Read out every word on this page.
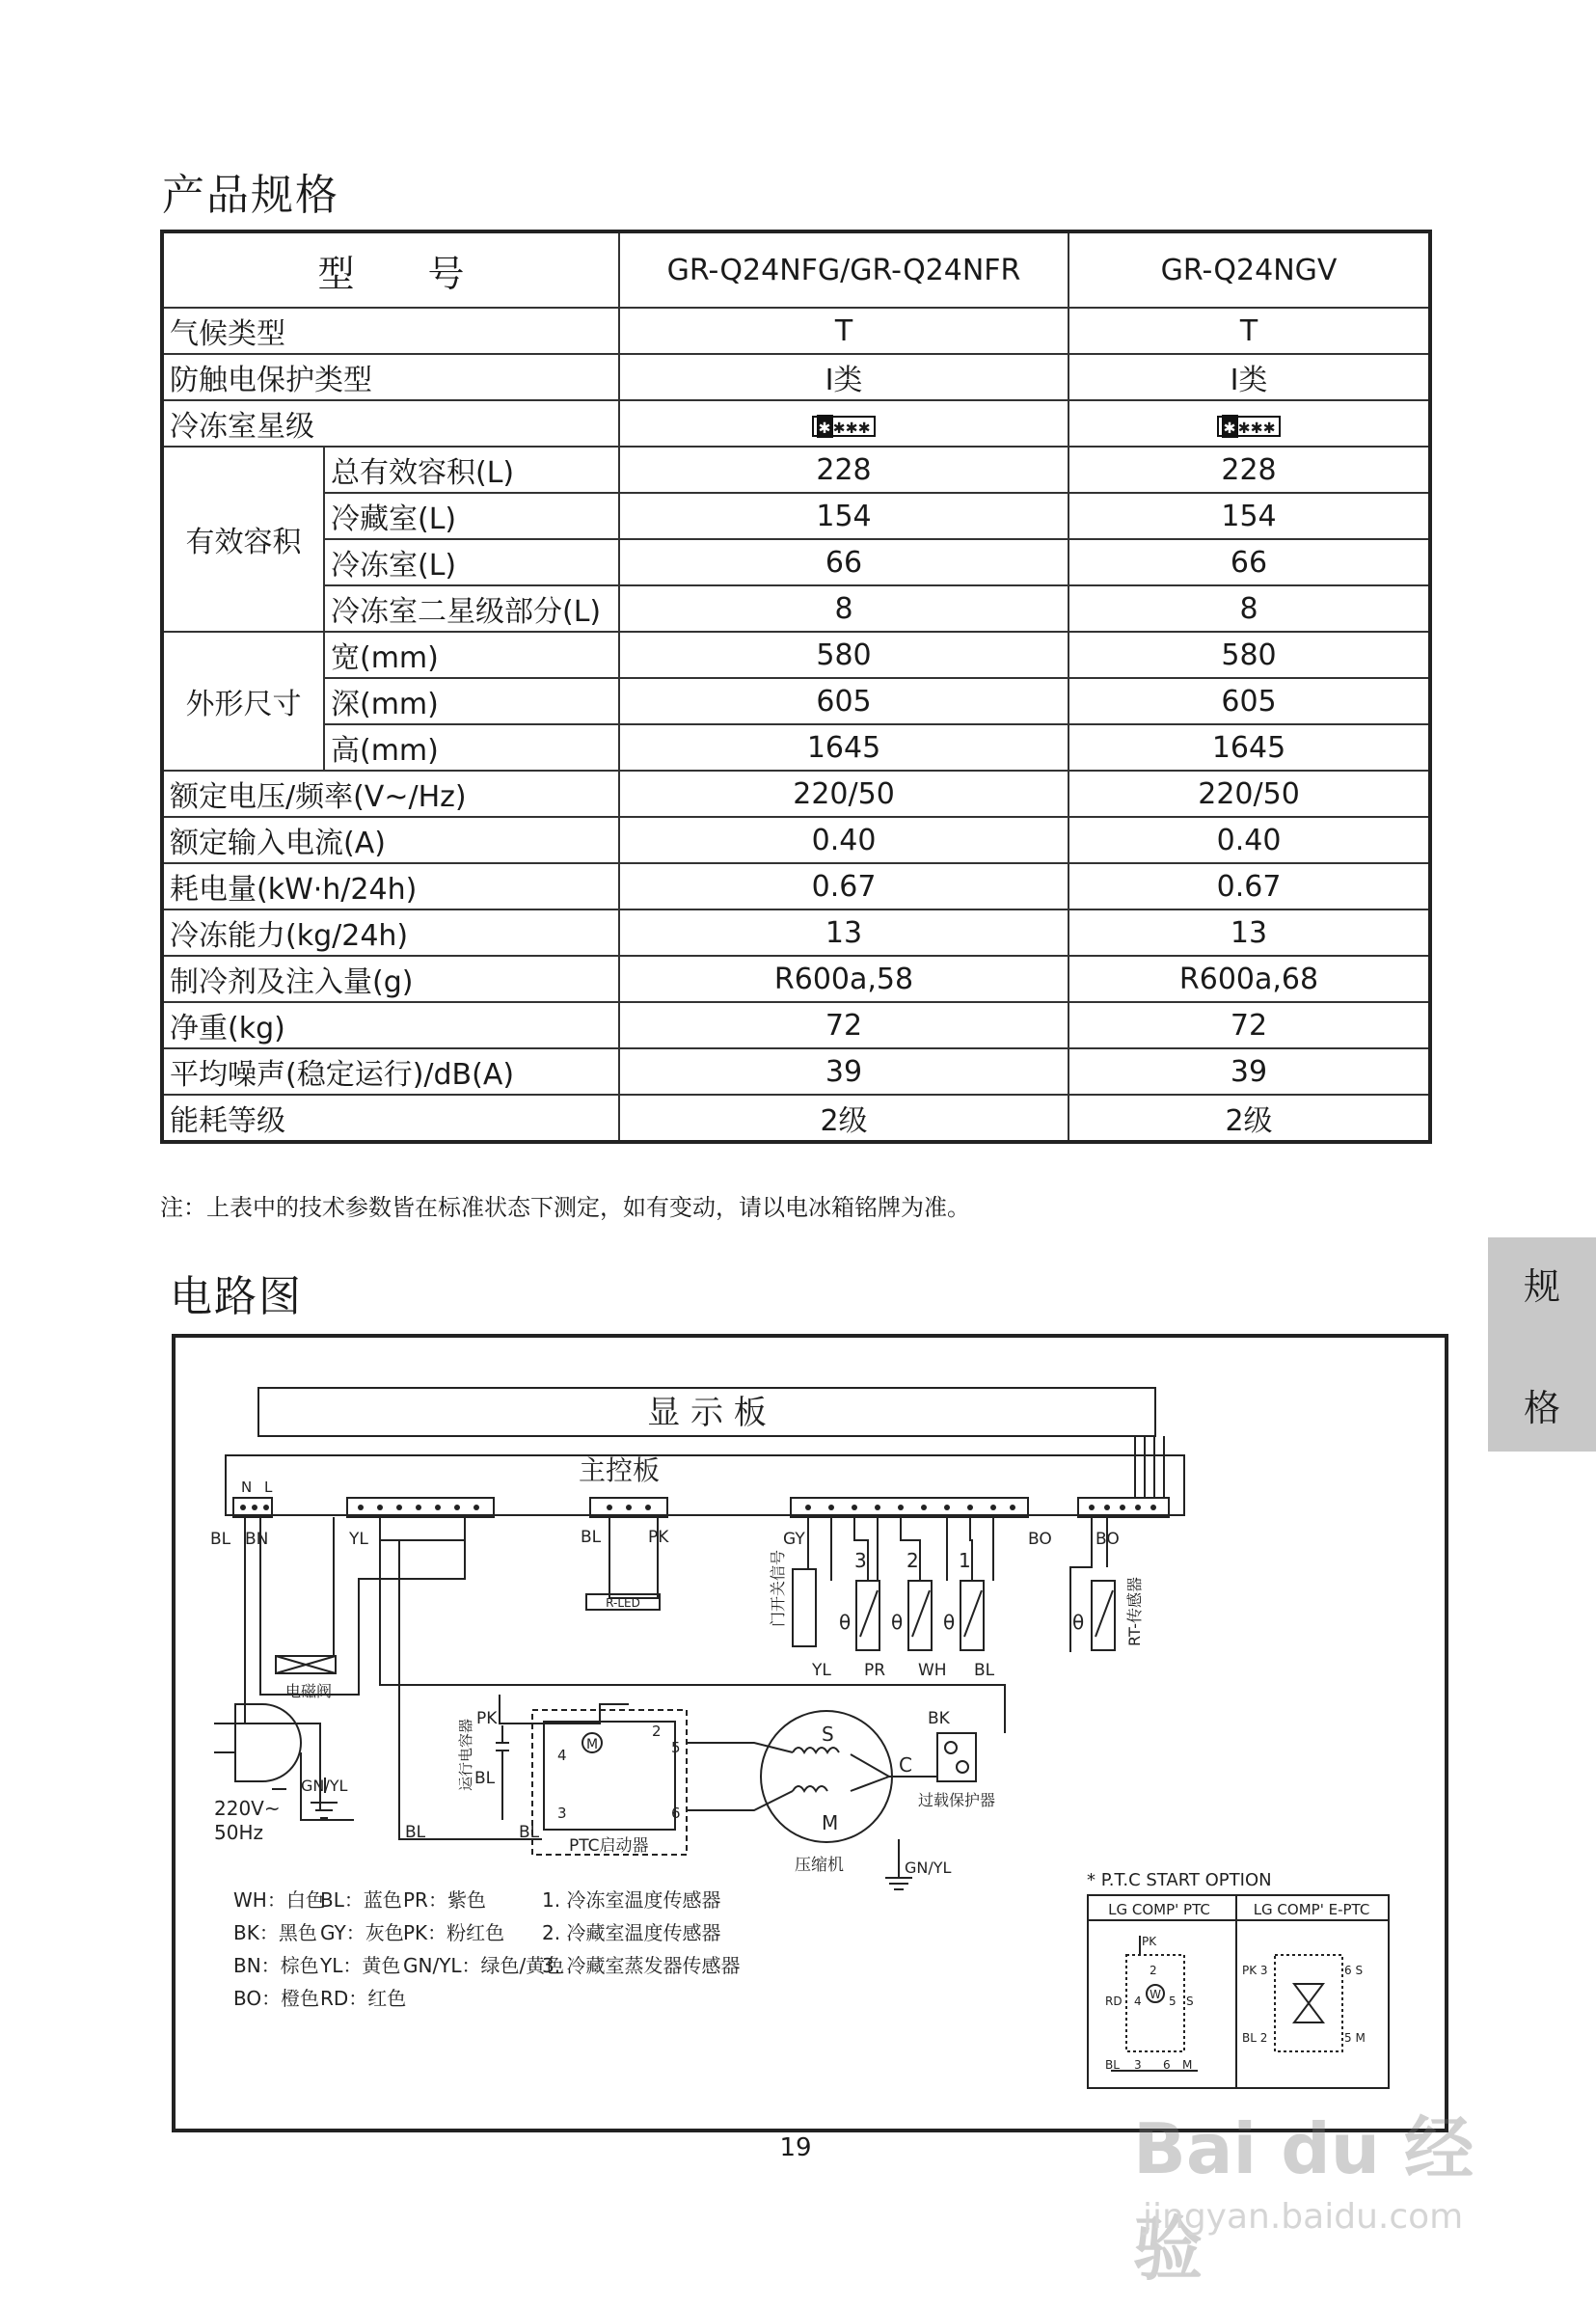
产品规格
型　　号		GR-Q24NFG/GR-Q24NFR	GR-Q24NGV
气候类型		T	T
防触电保护类型		I类	I类
冷冻室星级		✱ ✱✱✱	✱ ✱✱✱
有效容积	总有效容积(L)	228	228
	冷藏室(L)	154	154
	冷冻室(L)	66	66
	冷冻室二星级部分(L)	8	8
外形尺寸	宽(mm)	580	580
	深(mm)	605	605
	高(mm)	1645	1645
额定电压/频率(V~/Hz)		220/50	220/50
额定输入电流(A)		0.40	0.40
耗电量(kW·h/24h)		0.67	0.67
冷冻能力(kg/24h)		13	13
制冷剂及注入量(g)		R600a,58	R600a,68
净重(kg)		72	72
平均噪声(稳定运行)/dB(A)		39	39
能耗等级		2级	2级
注：上表中的技术参数皆在标准状态下测定，如有变动，请以电冰箱铭牌为准。
规
格
电路图
显 示 板
主控板
N L
BL BN	YL	BL	PK	GY	BO	BO
GN/YL
220V~
50Hz
电磁阀
R-LED	门开关信号	3 2 1
θ θ θ
YL PR WH BL
θ	RT-传感器
PK
BL
BL
BL
运行电容器	M
2
5
4
3	6
PTC启动器
S
M
C
压缩机	GN/YL
BK
过载保护器
WH：白色
BL：蓝色 PR：紫色
BK：黑色 GY：灰色 PK：粉红色
BN：棕色 YL：黄色 GN/YL：绿色/黄色
BO：橙色 RD：红色
1. 冷冻室温度传感器
2. 冷藏室温度传感器
3. 冷藏室蒸发器传感器
* P.T.C START OPTION
LG COMP' PTC	LG COMP' E-PTC
W
PK
RD
BL
2
3
4 5
6
S
M
PK 3	6 S
BL 2	5 M
19	Bai du 经验
jingyan.baidu.com
